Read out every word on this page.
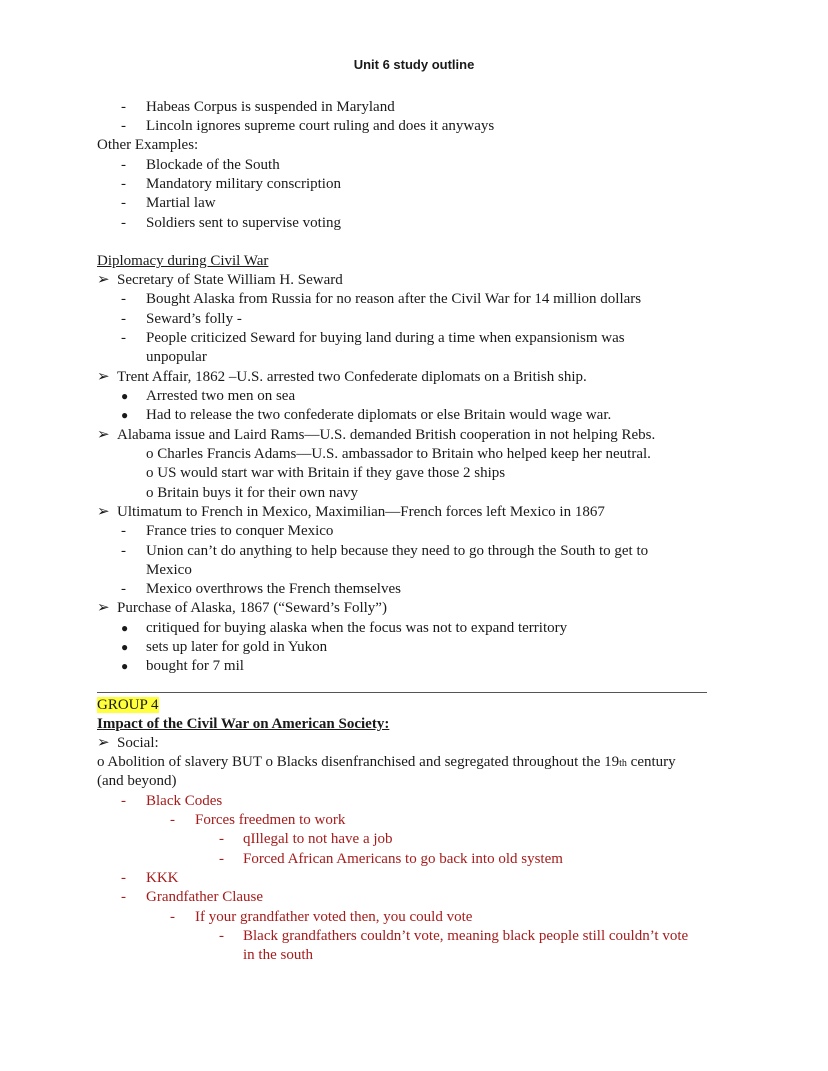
Unit 6 study outline
- Habeas Corpus is suspended in Maryland
- Lincoln ignores supreme court ruling and does it anyways
Other Examples:
- Blockade of the South
- Mandatory military conscription
- Martial law
- Soldiers sent to supervise voting
Diplomacy during Civil War
➢ Secretary of State William H. Seward
- Bought Alaska from Russia for no reason after the Civil War for 14 million dollars
- Seward’s folly -
- People criticized Seward for buying land during a time when expansionism was
unpopular
➢ Trent Affair, 1862 –U.S. arrested two Confederate diplomats on a British ship.
● Arrested two men on sea
● Had to release the two confederate diplomats or else Britain would wage war.
➢ Alabama issue and Laird Rams—U.S. demanded British cooperation in not helping Rebs.
o Charles Francis Adams—U.S. ambassador to Britain who helped keep her neutral.
o US would start war with Britain if they gave those 2 ships
o Britain buys it for their own navy
➢ Ultimatum to French in Mexico, Maximilian—French forces left Mexico in 1867
- France tries to conquer Mexico
- Union can’t do anything to help because they need to go through the South to get to
Mexico
- Mexico overthrows the French themselves
➢ Purchase of Alaska, 1867 (“Seward’s Folly”)
● critiqued for buying alaska when the focus was not to expand territory
● sets up later for gold in Yukon
● bought for 7 mil
GROUP 4
Impact of the Civil War on American Society:
➢ Social:
o Abolition of slavery BUT o Blacks disenfranchised and segregated throughout the 19th century
(and beyond)
- Black Codes
- Forces freedmen to work
- qIllegal to not have a job
- Forced African Americans to go back into old system
- KKK
- Grandfather Clause
- If your grandfather voted then, you could vote
- Black grandfathers couldn’t vote, meaning black people still couldn’t vote
in the south
